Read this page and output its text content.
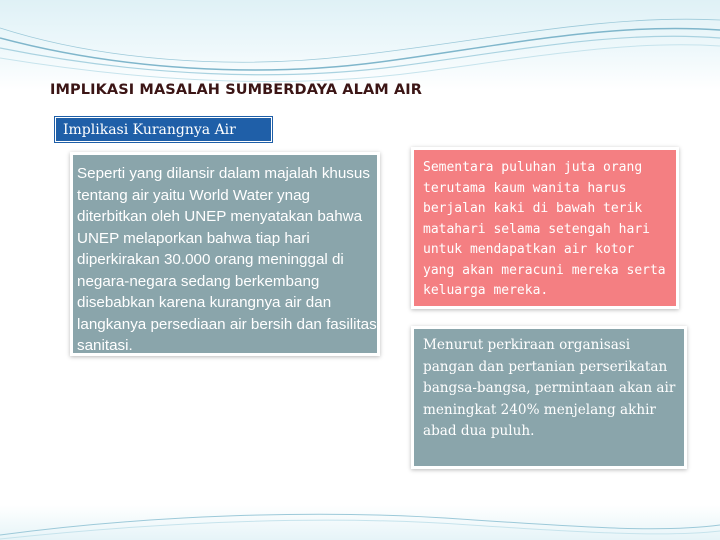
IMPLIKASI MASALAH SUMBERDAYA ALAM AIR
Implikasi Kurangnya Air
Seperti yang dilansir dalam majalah khusus tentang air yaitu World Water ynag diterbitkan oleh UNEP menyatakan bahwa UNEP melaporkan bahwa tiap hari diperkirakan 30.000 orang meninggal di negara-negara sedang berkembang disebabkan karena kurangnya air dan langkanya persediaan air bersih dan fasilitas sanitasi.
Sementara puluhan juta orang terutama kaum wanita harus berjalan kaki di bawah terik matahari selama setengah hari untuk mendapatkan air kotor yang akan meracuni mereka serta keluarga mereka.
Menurut perkiraan organisasi pangan dan pertanian perserikatan bangsa-bangsa, permintaan akan air meningkat 240% menjelang akhir abad dua puluh.
